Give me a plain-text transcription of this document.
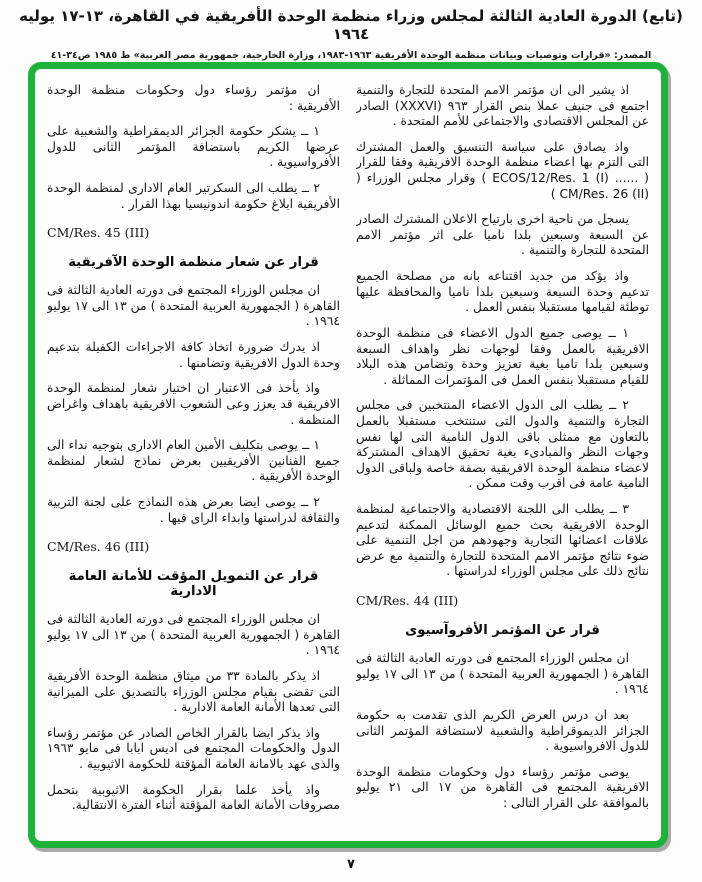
(تابع) الدورة العادية الثالثة لمجلس وزراء منظمة الوحدة الأفريقية في القاهرة، ١٣-١٧ يوليه ١٩٦٤
المصدر: «قرارات وتوصيات وبيانات منظمة الوحدة الأفريقية ١٩٦٣-١٩٨٣، وزارة الخارجية، جمهورية مصر العربية» ط ١٩٨٥ ص٣٤-٤١
ان مؤتمر رؤساء دول وحكومات منظمة الوحدة الأفريقية :
١ ــ يشكر حكومة الجزائر الديمقراطية والشعبية على عرضها الكريم باستضافة المؤتمر الثانى للدول الأفرواسيوية .
٢ ــ يطلب الى السكرتير العام الادارى لمنظمة الوحدة الأفريقية ابلاغ حكومة اندونيسيا بهذا القرار .
CM/Res. 45 (III)
قرار عن شعار منظمة الوحدة الآفريقية
ان مجلس الوزراء المجتمع فى دورته العادية الثالثة فى القاهرة ( الجمهورية العربية المتحدة ) من ١٣ الى ١٧ يوليو ١٩٦٤ .
اذ يدرك ضرورة اتخاذ كافة الاجراءات الكفيلة بتدعيم وحدة الدول الافريقية وتضامنها .
واذ يأخذ فى الاعتبار ان اختيار شعار لمنظمة الوحدة الافريقية قد يعزز وعى الشعوب الافريقية باهداف واغراض المنظمة .
١ ــ يوصى بتكليف الأمين العام الادارى بتوجيه نداء الى جميع الفنانين الأفريقيين بعرض نماذج لشعار لمنظمة الوحدة الأفريقية .
٢ ــ يوصى ايضا بعرض هذه النماذج على لجنة التربية والثقافة لدراستها وابداء الراى فيها .
CM/Res. 46 (III)
قرار عن التمويل المؤقت للأمانة العامة الادارية
ان مجلس الوزراء المجتمع فى دورته العادية الثالثة فى القاهرة ( الجمهورية العربية المتحدة ) من ١٣ الى ١٧ يوليو ١٩٦٤ .
اذ يذكر بالمادة ٣٣ من ميثاق منظمة الوحدة الأفريقية التى تقضى بقيام مجلس الوزراء بالتصديق على الميزانية التى تعدها الأمانة العامة الادارية .
واذ يذكر ايضا بالقرار الخاص الصادر عن مؤتمر رؤساء الدول والحكومات المجتمع فى اديس ابابا فى مايو ١٩٦٣ والذى عهد بالامانة العامة المؤقتة للحكومة الاثيوبية .
واذ يأخذ علما بقرار الحكومة الاثيوبية بتحمل مصروفات الأمانة العامة المؤقتة أثناء الفترة الانتقالية.
اذ يشير الى ان مؤتمر الامم المتحدة للتجارة والتنمية اجتمع فى جنيف عملا بنص القرار ٩٦٣ (XXXVI) الصادر عن المجلس الاقتصادى والاجتماعى للأمم المتحدة .
واذ يصادق على سياسة التنسيق والعمل المشترك التى التزم بها اعضاء منظمة الوحدة الافريقية وفقا للقرار ( ...... ECOS/12/Res. 1 (I) ) وقرار مجلس الوزراء ( CM/Res. 26 (II) )
يسجل من ناحية اخرى بارتياح الاعلان المشترك الصادر عن السبعة وسبعين بلدا ناميا على اثر مؤتمر الامم المتحدة للتجارة والتنمية .
واذ يؤكد من جديد اقتناعه بانه من مصلحة الجميع تدعيم وحدة السبعة وسبعين بلدا ناميا والمحافظة عليها توطئة لقيامها مستقبلا بنفس العمل .
١ ــ يوصى جميع الدول الاعضاء فى منظمة الوحدة الافريقية بالعمل وفقا لوجهات نظر واهداف السبعة وسبعين بلدا ناميا بغية تعزيز وحدة وتضامن هذه البلاد للقيام مستقبلا بنفس العمل فى المؤتمرات المماثلة .
٢ ــ يطلب الى الدول الاعضاء المنتخبين فى مجلس التجارة والتنمية والدول التى ستنتخب مستقبلا بالعمل بالتعاون مع ممثلى باقى الدول النامية التى لها نفس وجهات النظر والمبادىء بغية تحقيق الاهداف المشتركة لاعضاء منظمة الوحدة الافريقية بصفة خاصة ولباقى الدول النامية عامة فى اقرب وقت ممكن .
٣ ــ يطلب الى اللجنة الاقتصادية والاجتماعية لمنظمة الوحدة الافريقية بحث جميع الوسائل الممكنة لتدعيم علاقات اعضائها التجارية وجهودهم من اجل التنمية على ضوء نتائج مؤتمر الامم المتحدة للتجارة والتنمية مع عرض نتائج ذلك على مجلس الوزراء لدراستها .
CM/Res. 44 (III)
قرار عن المؤتمر الأفروآسيوى
ان مجلس الوزراء المجتمع فى دورته العادية الثالثة فى القاهرة ( الجمهورية العربية المتحدة ) من ١٣ الى ١٧ يوليو ١٩٦٤ .
بعد ان درس العرض الكريم الذى تقدمت به حكومة الجزائر الديموقراطية والشعبية لاستضافة المؤتمر الثانى للدول الافرواسيوية .
يوصى مؤتمر رؤساء دول وحكومات منظمة الوحدة الافريقية المجتمع فى القاهرة من ١٧ الى ٢١ يوليو بالموافقة على القرار التالى :
٧
